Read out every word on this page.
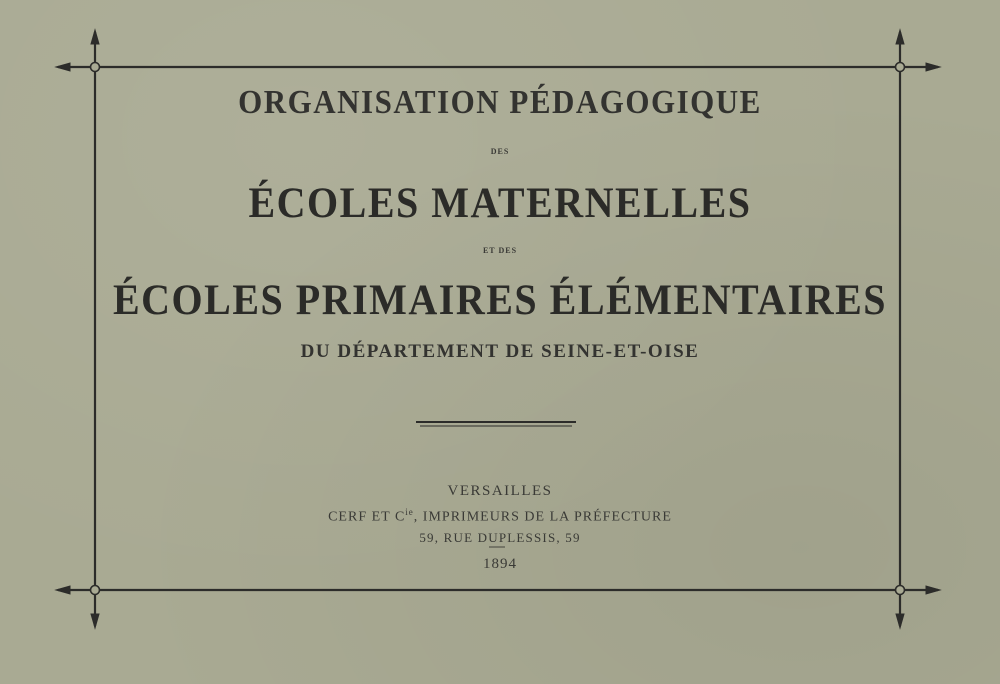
ORGANISATION PÉDAGOGIQUE
DES
ÉCOLES MATERNELLES
ET DES
ÉCOLES PRIMAIRES ÉLÉMENTAIRES
DU DÉPARTEMENT DE SEINE-ET-OISE
VERSAILLES
CERF ET $C^{ie}$, IMPRIMEURS DE LA PRÉFECTURE
59, RUE DUPLESSIS, 59
1894
